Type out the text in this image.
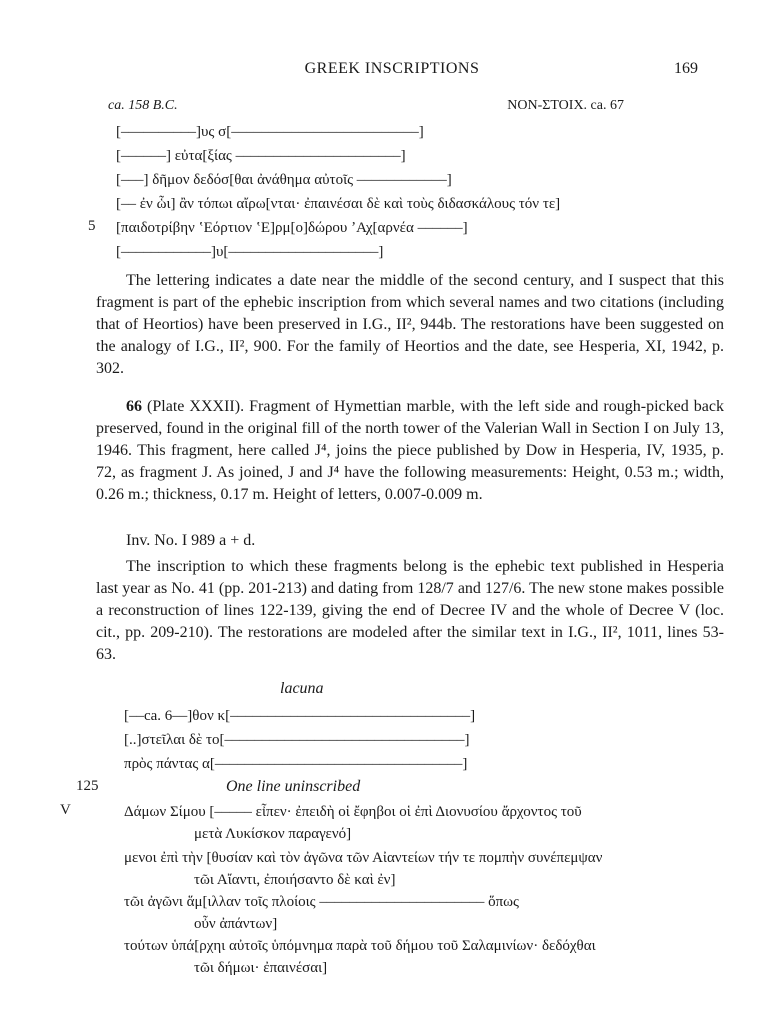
GREEK INSCRIPTIONS	169
ca. 158 B.C.	NON-ΣΤΟΙΧ. ca. 67
[–———–––]υς σ[–––––––––––––––––––––––––]
[––––––] εὐτα[ξίας ––––––––––––––––––––––]
[–––] δῆμον δεδόσ[θαι ἀνάθημα αὐτοῖς ––––––––––––]
[–– ἐν ὧι] ἂν τόπωι αἴρω[νται· ἐπαινέσαι δὲ καὶ τοὺς διδασκάλους τόν τε]
5 [παιδοτρίβην ʽΕόρτιον ʽΕ]ρμ[ο]δώρου ʼΑχ[αρνέα ––––––]
[––––––––––––]υ[––––––––––––––––––––]

The lettering indicates a date near the middle of the second century, and I suspect that this fragment is part of the ephebic inscription from which several names and two citations (including that of Heortios) have been preserved in I.G., II², 944b. The restorations have been suggested on the analogy of I.G., II², 900. For the family of Heortios and the date, see Hesperia, XI, 1942, p. 302.

66 (Plate XXXII). Fragment of Hymettian marble, with the left side and rough-picked back preserved, found in the original fill of the north tower of the Valerian Wall in Section I on July 13, 1946. This fragment, here called J⁴, joins the piece published by Dow in Hesperia, IV, 1935, p. 72, as fragment J. As joined, J and J⁴ have the following measurements: Height, 0.53 m.; width, 0.26 m.; thickness, 0.17 m. Height of letters, 0.007-0.009 m.

Inv. No. I 989 a + d.

The inscription to which these fragments belong is the ephebic text published in Hesperia last year as No. 41 (pp. 201-213) and dating from 128/7 and 127/6. The new stone makes possible a reconstruction of lines 122-139, giving the end of Decree IV and the whole of Decree V (loc. cit., pp. 209-210). The restorations are modeled after the similar text in I.G., II², 1011, lines 53-63.

lacuna
[––ca. 6––]θον κ[––––––––––––––––––––––––––––––––]
[..]στεῖλαι δὲ το[––––––––––––––––––––––––––––––––]
πρὸς πάντας α[–––––––––––––––––––––––––––––––––]
125	One line uninscribed
V	Δάμων Σίμου [––––– εἶπεν· ἐπειδὴ οἱ ἔφηβοι οἱ ἐπὶ Διονυσίου ἄρχοντος τοῦ
μετὰ Λυκίσκον παραγενό]
μενοι ἐπὶ τὴν [θυσίαν καὶ τὸν ἀγῶνα τῶν Αἰαντείων τήν τε πομπὴν συνέπεμψαν
τῶι Αἴαντι, ἐποιήσαντο δὲ καὶ ἐν]
τῶι ἀγῶνι ἅμ[ιλλαν τοῖς πλοίοις –––––––––––––––––––––– ὅπως
οὖν ἀπάντων]
τούτων ὑπά[ρχηι αὐτοῖς ὑπόμνημα παρὰ τοῦ δήμου τοῦ Σαλαμινίων· δεδόχθαι
τῶι δήμωι· ἐπαινέσαι]
